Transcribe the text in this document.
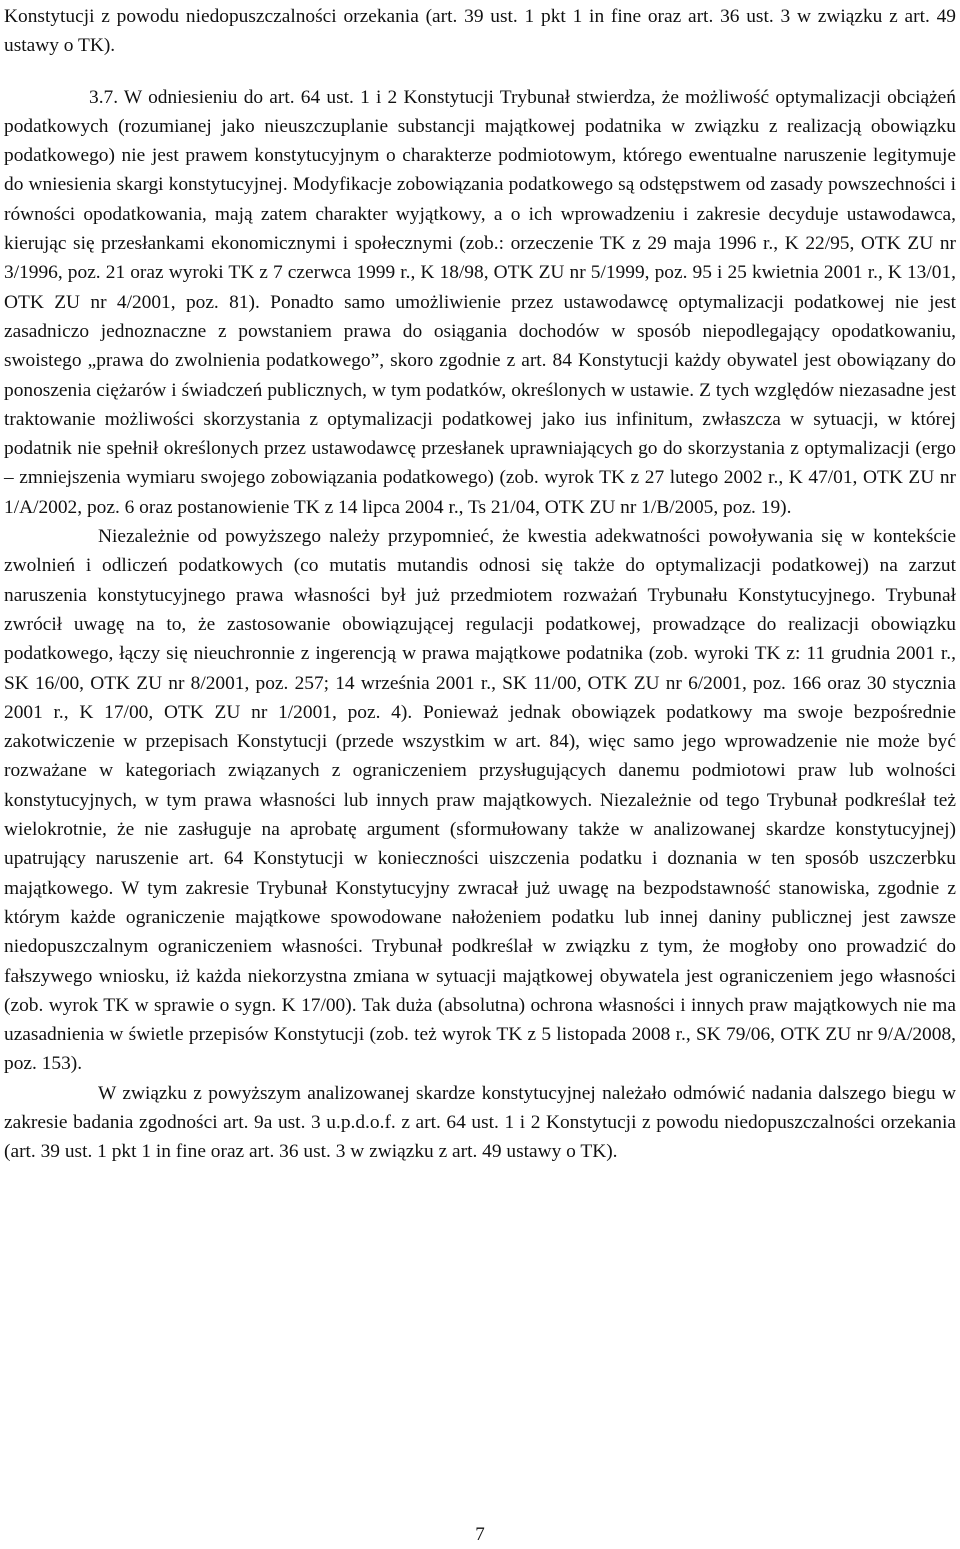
Konstytucji z powodu niedopuszczalności orzekania (art. 39 ust. 1 pkt 1 in fine oraz art. 36 ust. 3 w związku z art. 49 ustawy o TK).

3.7. W odniesieniu do art. 64 ust. 1 i 2 Konstytucji Trybunał stwierdza, że możliwość optymalizacji obciążeń podatkowych (rozumianej jako nieuszczuplanie substancji majątkowej podatnika w związku z realizacją obowiązku podatkowego) nie jest prawem konstytucyjnym o charakterze podmiotowym, którego ewentualne naruszenie legitymuje do wniesienia skargi konstytucyjnej. Modyfikacje zobowiązania podatkowego są odstępstwem od zasady powszechności i równości opodatkowania, mają zatem charakter wyjątkowy, a o ich wprowadzeniu i zakresie decyduje ustawodawca, kierując się przesłankami ekonomicznymi i społecznymi (zob.: orzeczenie TK z 29 maja 1996 r., K 22/95, OTK ZU nr 3/1996, poz. 21 oraz wyroki TK z 7 czerwca 1999 r., K 18/98, OTK ZU nr 5/1999, poz. 95 i 25 kwietnia 2001 r., K 13/01, OTK ZU nr 4/2001, poz. 81). Ponadto samo umożliwienie przez ustawodawcę optymalizacji podatkowej nie jest zasadniczo jednoznaczne z powstaniem prawa do osiągania dochodów w sposób niepodlegający opodatkowaniu, swoistego „prawa do zwolnienia podatkowego”, skoro zgodnie z art. 84 Konstytucji każdy obywatel jest obowiązany do ponoszenia ciężarów i świadczeń publicznych, w tym podatków, określonych w ustawie. Z tych względów niezasadne jest traktowanie możliwości skorzystania z optymalizacji podatkowej jako ius infinitum, zwłaszcza w sytuacji, w której podatnik nie spełnił określonych przez ustawodawcę przesłanek uprawniających go do skorzystania z optymalizacji (ergo – zmniejszenia wymiaru swojego zobowiązania podatkowego) (zob. wyrok TK z 27 lutego 2002 r., K 47/01, OTK ZU nr 1/A/2002, poz. 6 oraz postanowienie TK z 14 lipca 2004 r., Ts 21/04, OTK ZU nr 1/B/2005, poz. 19).

Niezależnie od powyższego należy przypomnieć, że kwestia adekwatności powoływania się w kontekście zwolnień i odliczeń podatkowych (co mutatis mutandis odnosi się także do optymalizacji podatkowej) na zarzut naruszenia konstytucyjnego prawa własności był już przedmiotem rozważań Trybunału Konstytucyjnego. Trybunał zwrócił uwagę na to, że zastosowanie obowiązującej regulacji podatkowej, prowadzące do realizacji obowiązku podatkowego, łączy się nieuchronnie z ingerencją w prawa majątkowe podatnika (zob. wyroki TK z: 11 grudnia 2001 r., SK 16/00, OTK ZU nr 8/2001, poz. 257; 14 września 2001 r., SK 11/00, OTK ZU nr 6/2001, poz. 166 oraz 30 stycznia 2001 r., K 17/00, OTK ZU nr 1/2001, poz. 4). Ponieważ jednak obowiązek podatkowy ma swoje bezpośrednie zakotwiczenie w przepisach Konstytucji (przede wszystkim w art. 84), więc samo jego wprowadzenie nie może być rozważane w kategoriach związanych z ograniczeniem przysługujących danemu podmiotowi praw lub wolności konstytucyjnych, w tym prawa własności lub innych praw majątkowych. Niezależnie od tego Trybunał podkreślał też wielokrotnie, że nie zasługuje na aprobatę argument (sformułowany także w analizowanej skardze konstytucyjnej) upatrujący naruszenie art. 64 Konstytucji w konieczności uiszczenia podatku i doznania w ten sposób uszczerbku majątkowego. W tym zakresie Trybunał Konstytucyjny zwracał już uwagę na bezpodstawność stanowiska, zgodnie z którym każde ograniczenie majątkowe spowodowane nałożeniem podatku lub innej daniny publicznej jest zawsze niedopuszczalnym ograniczeniem własności. Trybunał podkreślał w związku z tym, że mogłoby ono prowadzić do fałszywego wniosku, iż każda niekorzystna zmiana w sytuacji majątkowej obywatela jest ograniczeniem jego własności (zob. wyrok TK w sprawie o sygn. K 17/00). Tak duża (absolutna) ochrona własności i innych praw majątkowych nie ma uzasadnienia w świetle przepisów Konstytucji (zob. też wyrok TK z 5 listopada 2008 r., SK 79/06, OTK ZU nr 9/A/2008, poz. 153).

W związku z powyższym analizowanej skardze konstytucyjnej należało odmówić nadania dalszego biegu w zakresie badania zgodności art. 9a ust. 3 u.p.d.o.f. z art. 64 ust. 1 i 2 Konstytucji z powodu niedopuszczalności orzekania (art. 39 ust. 1 pkt 1 in fine oraz art. 36 ust. 3 w związku z art. 49 ustawy o TK).

7
